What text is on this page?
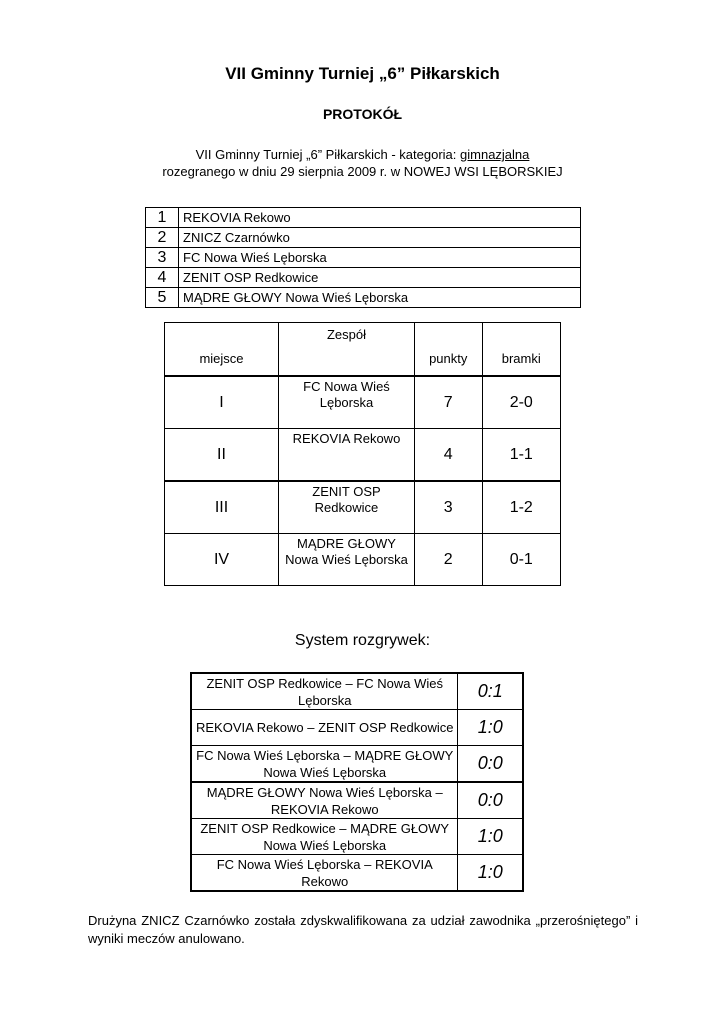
VII Gminny Turniej „6” Piłkarskich
PROTOKÓŁ
VII Gminny Turniej „6” Piłkarskich - kategoria: gimnazjalna
rozegranego w dniu 29 sierpnia 2009 r. w NOWEJ WSI LĘBORSKIEJ
1	REKOVIA Rekowo
2	ZNICZ Czarnówko
3	FC Nowa Wieś Lęborska
4	ZENIT OSP Redkowice
5	MĄDRE GŁOWY Nowa Wieś Lęborska
miejsce	Zespół	punkty	bramki

I	FC Nowa Wieś Lęborska	7	2-0
II	REKOVIA Rekowo	4	1-1
III	ZENIT OSP Redkowice	3	1-2
IV	MĄDRE GŁOWY Nowa Wieś Lęborska	2	0-1
System rozgrywek:
ZENIT OSP Redkowice – FC Nowa Wieś Lęborska	0:1
REKOVIA Rekowo – ZENIT OSP Redkowice	1:0
FC Nowa Wieś Lęborska – MĄDRE GŁOWY Nowa Wieś Lęborska	0:0
MĄDRE GŁOWY Nowa Wieś Lęborska – REKOVIA Rekowo	0:0
ZENIT OSP Redkowice – MĄDRE GŁOWY Nowa Wieś Lęborska	1:0
FC Nowa Wieś Lęborska – REKOVIA Rekowo	1:0
Drużyna ZNICZ Czarnówko została zdyskwalifikowana za udział zawodnika „przerośniętego” i wyniki meczów anulowano.
